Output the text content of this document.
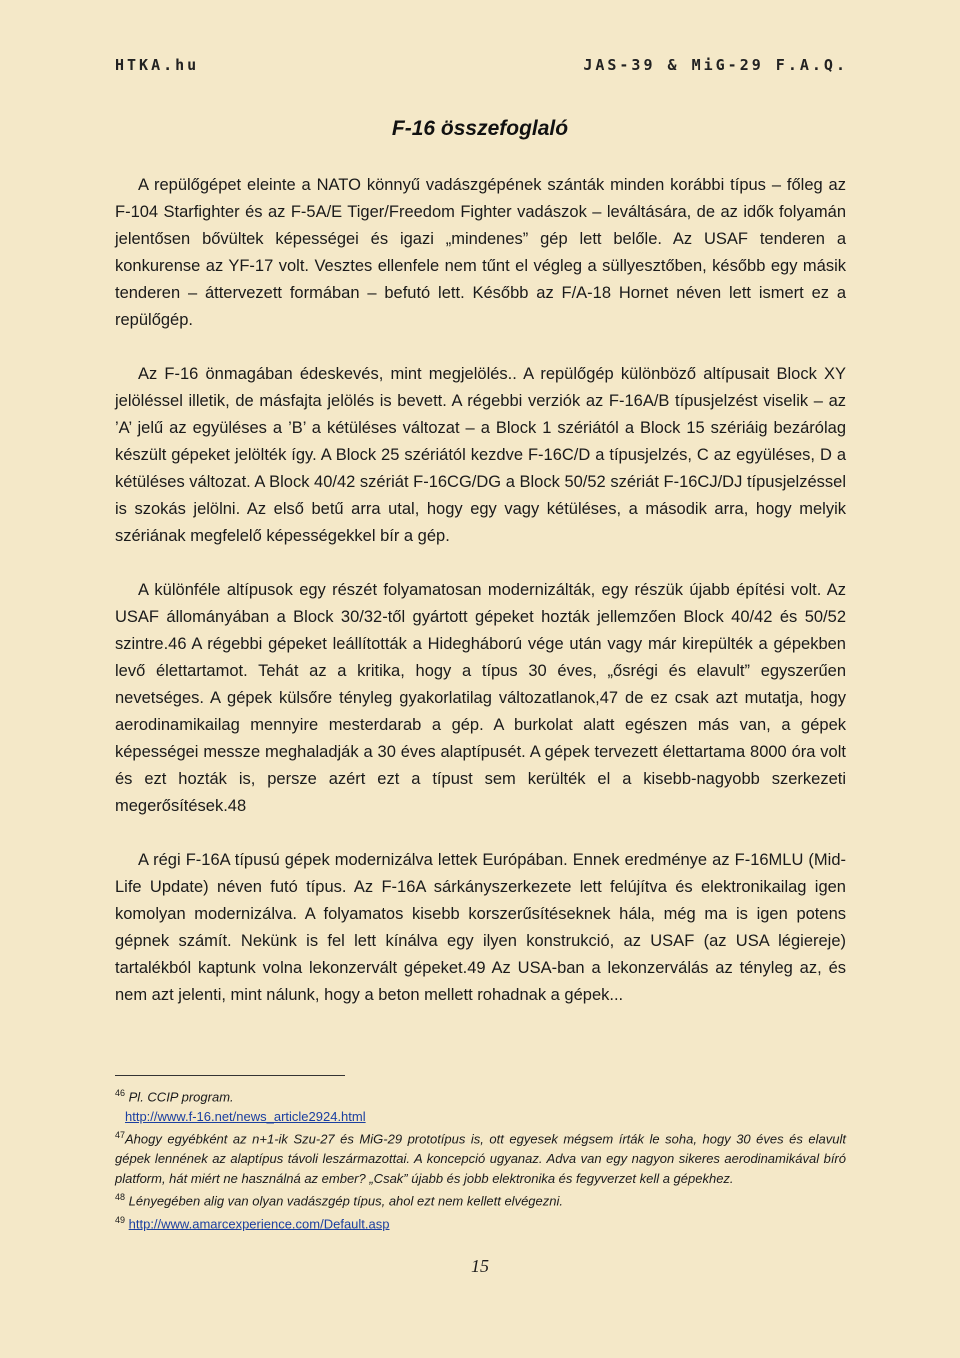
HTKA.hu	JAS-39 & MiG-29 F.A.Q.
F-16 összefoglaló

A repülőgépet eleinte a NATO könnyű vadászgépének szánták minden korábbi típus – főleg az F-104 Starfighter és az F-5A/E Tiger/Freedom Fighter vadászok – leváltására, de az idők folyamán jelentősen bővültek képességei és igazi „mindenes” gép lett belőle. Az USAF tenderen a konkurense az YF-17 volt. Vesztes ellenfele nem tűnt el végleg a süllyesztőben, később egy másik tenderen – áttervezett formában – befutó lett. Később az F/A-18 Hornet néven lett ismert ez a repülőgép.

Az F-16 önmagában édeskevés, mint megjelölés.. A repülőgép különböző altípusait Block XY jelöléssel illetik, de másfajta jelölés is bevett. A régebbi verziók az F-16A/B típusjelzést viselik – az ’A’ jelű az együléses a ’B’ a kétüléses változat – a Block 1 szériától a Block 15 szériáig bezárólag készült gépeket jelölték így. A Block 25 szériától kezdve F-16C/D a típusjelzés, C az együléses, D a kétüléses változat. A Block 40/42 szériát F-16CG/DG a Block 50/52 szériát F-16CJ/DJ típusjelzéssel is szokás jelölni. Az első betű arra utal, hogy egy vagy kétüléses, a második arra, hogy melyik szériának megfelelő képességekkel bír a gép.

A különféle altípusok egy részét folyamatosan modernizálták, egy részük újabb építési volt. Az USAF állományában a Block 30/32-től gyártott gépeket hozták jellemzően Block 40/42 és 50/52 szintre.46 A régebbi gépeket leállították a Hidegháború vége után vagy már kirepülték a gépekben levő élettartamot. Tehát az a kritika, hogy a típus 30 éves, „ősrégi és elavult” egyszerűen nevetséges. A gépek külsőre tényleg gyakorlatilag változatlanok,47 de ez csak azt mutatja, hogy aerodinamikailag mennyire mesterdarab a gép. A burkolat alatt egészen más van, a gépek képességei messze meghaladják a 30 éves alaptípusét. A gépek tervezett élettartama 8000 óra volt és ezt hozták is, persze azért ezt a típust sem kerülték el a kisebb-nagyobb szerkezeti megerősítések.48

A régi F-16A típusú gépek modernizálva lettek Európában. Ennek eredménye az F-16MLU (Mid-Life Update) néven futó típus. Az F-16A sárkányszerkezete lett felújítva és elektronikailag igen komolyan modernizálva. A folyamatos kisebb korszerűsítéseknek hála, még ma is igen potens gépnek számít. Nekünk is fel lett kínálva egy ilyen konstrukció, az USAF (az USA légiereje) tartalékból kaptunk volna lekonzervált gépeket.49 Az USA-ban a lekonzerválás az tényleg az, és nem azt jelenti, mint nálunk, hogy a beton mellett rohadnak a gépek...

$^{46}$ Pl. CCIP program.

http://www.f-16.net/news_article2924.html

$^{47}$Ahogy egyébként az n+1-ik Szu-27 és MiG-29 prototípus is, ott egyesek mégsem írták le soha, hogy 30 éves és elavult gépek lennének az alaptípus távoli leszármazottai. A koncepció ugyanaz. Adva van egy nagyon sikeres aerodinamikával bíró platform, hát miért ne használná az ember? „Csak” újabb és jobb elektronika és fegyverzet kell a gépekhez.

$^{48}$ Lényegében alig van olyan vadászgép típus, ahol ezt nem kellett elvégezni.

$^{49}$ http://www.amarcexperience.com/Default.asp

15
